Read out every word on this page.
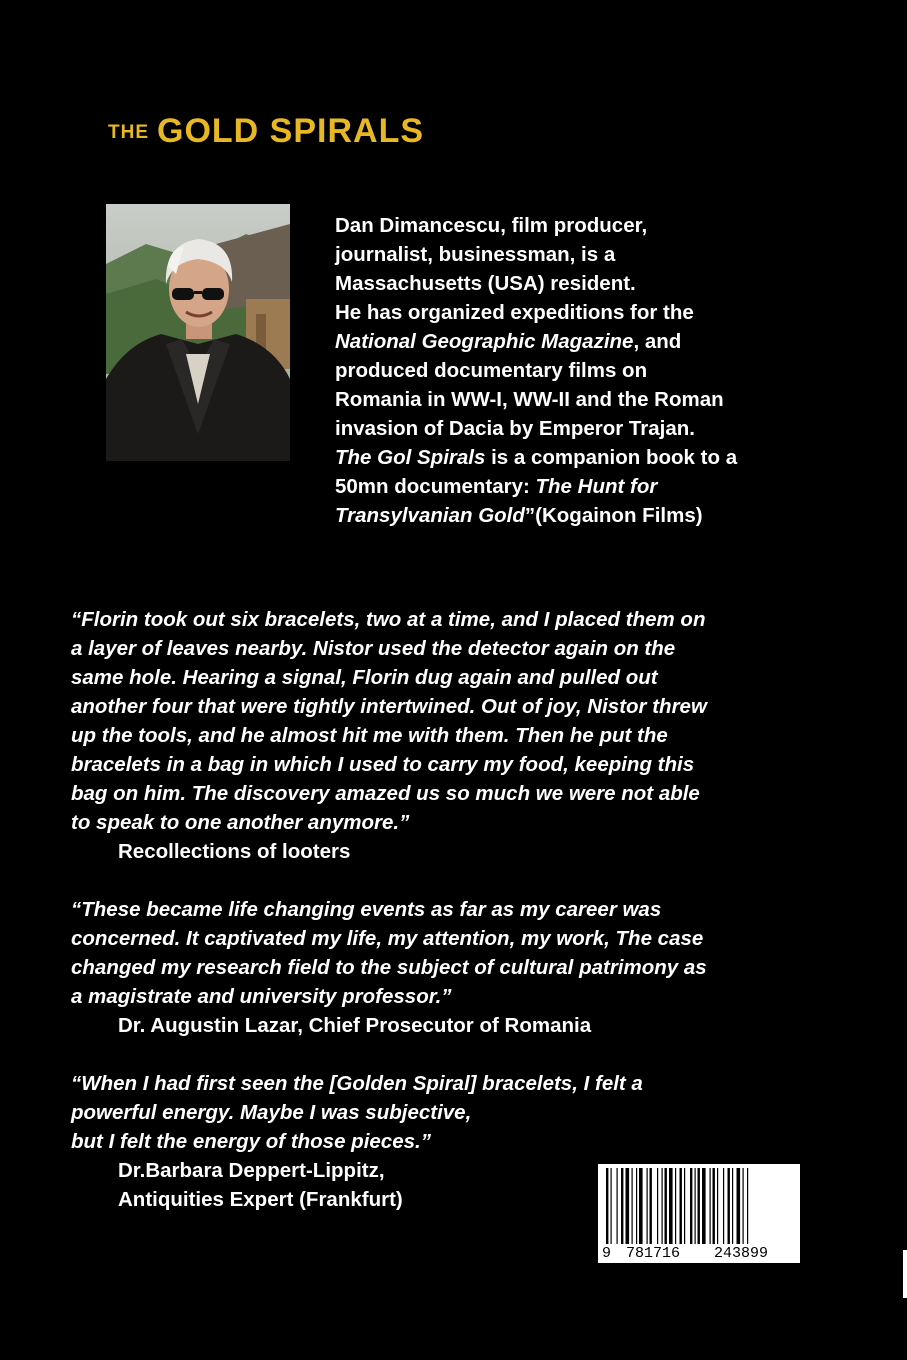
THE GOLD SPIRALS
Dan Dimancescu, film producer,
journalist, businessman, is a
Massachusetts (USA) resident.
He has organized expeditions for the
National Geographic Magazine, and
produced documentary films on
Romania in WW-I, WW-II and the Roman
invasion of Dacia by Emperor Trajan.
The Gol Spirals is a companion book to a
50mn documentary: The Hunt for
Transylvanian Gold”(Kogainon Films)
“Florin took out six bracelets, two at a time, and I placed them on
a layer of leaves nearby. Nistor used the detector again on the
same hole. Hearing a signal, Florin dug again and pulled out
another four that were tightly intertwined. Out of joy, Nistor threw
up the tools, and he almost hit me with them. Then he put the
bracelets in a bag in which I used to carry my food, keeping this
bag on him. The discovery amazed us so much we were not able
to speak to one another anymore.”
Recollections of looters
“These became life changing events as far as my career was
concerned. It captivated my life, my attention, my work, The case
changed my research field to the subject of cultural patrimony as
a magistrate and university professor.”
Dr. Augustin Lazar, Chief Prosecutor of Romania
“When I had first seen the [Golden Spiral] bracelets, I felt a
powerful energy. Maybe I was subjective,
but I felt the energy of those pieces.”
Dr.Barbara Deppert-Lippitz,
Antiquities Expert (Frankfurt)
9 781716 243899
